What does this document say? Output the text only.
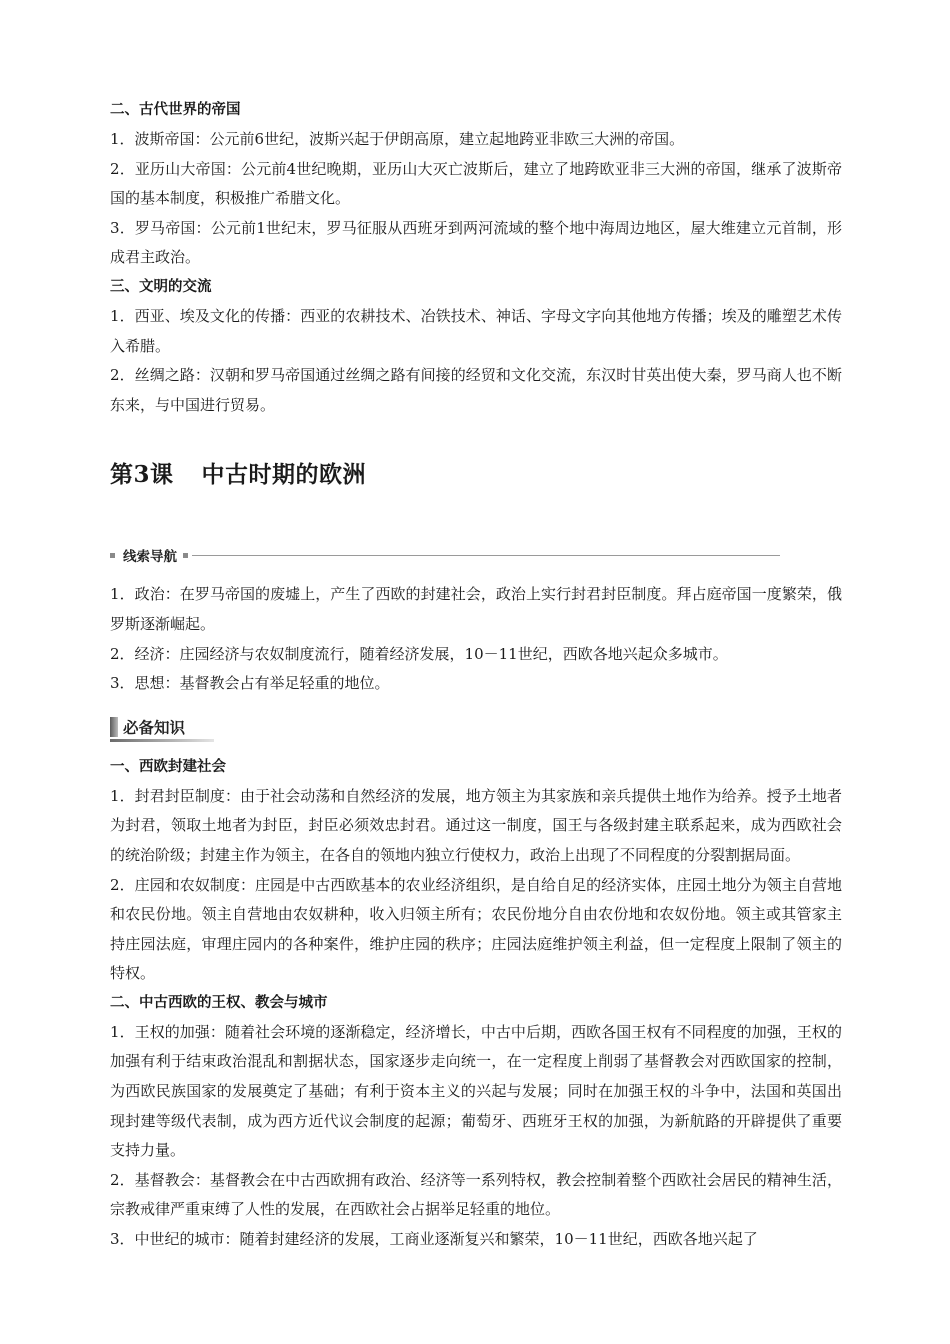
二、古代世界的帝国

1．波斯帝国：公元前6世纪，波斯兴起于伊朗高原，建立起地跨亚非欧三大洲的帝国。

2．亚历山大帝国：公元前4世纪晚期，亚历山大灭亡波斯后，建立了地跨欧亚非三大洲的帝国，继承了波斯帝国的基本制度，积极推广希腊文化。

3．罗马帝国：公元前1世纪末，罗马征服从西班牙到两河流域的整个地中海周边地区，屋大维建立元首制，形成君主政治。

三、文明的交流

1．西亚、埃及文化的传播：西亚的农耕技术、冶铁技术、神话、字母文字向其他地方传播；埃及的雕塑艺术传入希腊。

2．丝绸之路：汉朝和罗马帝国通过丝绸之路有间接的经贸和文化交流，东汉时甘英出使大秦，罗马商人也不断东来，与中国进行贸易。

第3课 中古时期的欧洲
线索导航

1．政治：在罗马帝国的废墟上，产生了西欧的封建社会，政治上实行封君封臣制度。拜占庭帝国一度繁荣，俄罗斯逐渐崛起。

2．经济：庄园经济与农奴制度流行，随着经济发展，10－11世纪，西欧各地兴起众多城市。

3．思想：基督教会占有举足轻重的地位。

必备知识

一、西欧封建社会

1．封君封臣制度：由于社会动荡和自然经济的发展，地方领主为其家族和亲兵提供土地作为给养。授予土地者为封君，领取土地者为封臣，封臣必须效忠封君。通过这一制度，国王与各级封建主联系起来，成为西欧社会的统治阶级；封建主作为领主，在各自的领地内独立行使权力，政治上出现了不同程度的分裂割据局面。

2．庄园和农奴制度：庄园是中古西欧基本的农业经济组织，是自给自足的经济实体，庄园土地分为领主自营地和农民份地。领主自营地由农奴耕种，收入归领主所有；农民份地分自由农份地和农奴份地。领主或其管家主持庄园法庭，审理庄园内的各种案件，维护庄园的秩序；庄园法庭维护领主利益，但一定程度上限制了领主的特权。

二、中古西欧的王权、教会与城市

1．王权的加强：随着社会环境的逐渐稳定，经济增长，中古中后期，西欧各国王权有不同程度的加强，王权的加强有利于结束政治混乱和割据状态，国家逐步走向统一，在一定程度上削弱了基督教会对西欧国家的控制，为西欧民族国家的发展奠定了基础；有利于资本主义的兴起与发展；同时在加强王权的斗争中，法国和英国出现封建等级代表制，成为西方近代议会制度的起源；葡萄牙、西班牙王权的加强，为新航路的开辟提供了重要支持力量。

2．基督教会：基督教会在中古西欧拥有政治、经济等一系列特权，教会控制着整个西欧社会居民的精神生活，宗教戒律严重束缚了人性的发展，在西欧社会占据举足轻重的地位。

3．中世纪的城市：随着封建经济的发展，工商业逐渐复兴和繁荣，10－11世纪，西欧各地兴起了
